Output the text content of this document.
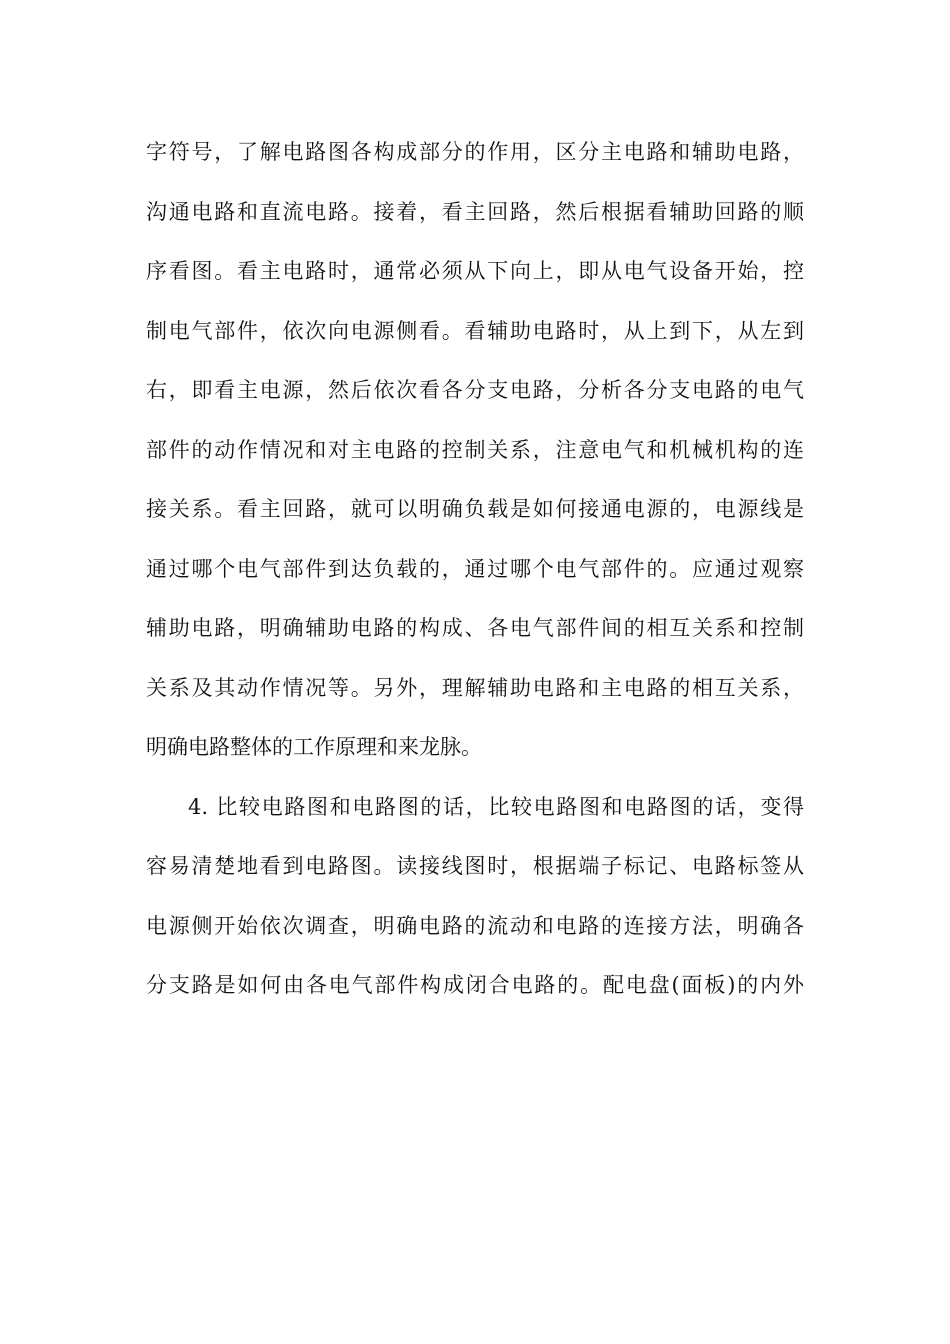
字符号，了解电路图各构成部分的作用，区分主电路和辅助电路，
沟通电路和直流电路。接着，看主回路，然后根据看辅助回路的顺
序看图。看主电路时，通常必须从下向上，即从电气设备开始，控
制电气部件，依次向电源侧看。看辅助电路时，从上到下，从左到
右，即看主电源，然后依次看各分支电路，分析各分支电路的电气
部件的动作情况和对主电路的控制关系，注意电气和机械机构的连
接关系。看主回路，就可以明确负载是如何接通电源的，电源线是
通过哪个电气部件到达负载的，通过哪个电气部件的。应通过观察
辅助电路，明确辅助电路的构成、各电气部件间的相互关系和控制
关系及其动作情况等。另外，理解辅助电路和主电路的相互关系，
明确电路整体的工作原理和来龙脉。
4. 比较电路图和电路图的话，比较电路图和电路图的话，变得
容易清楚地看到电路图。读接线图时，根据端子标记、电路标签从
电源侧开始依次调查，明确电路的流动和电路的连接方法，明确各
分支路是如何由各电气部件构成闭合电路的。配电盘(面板)的内外
